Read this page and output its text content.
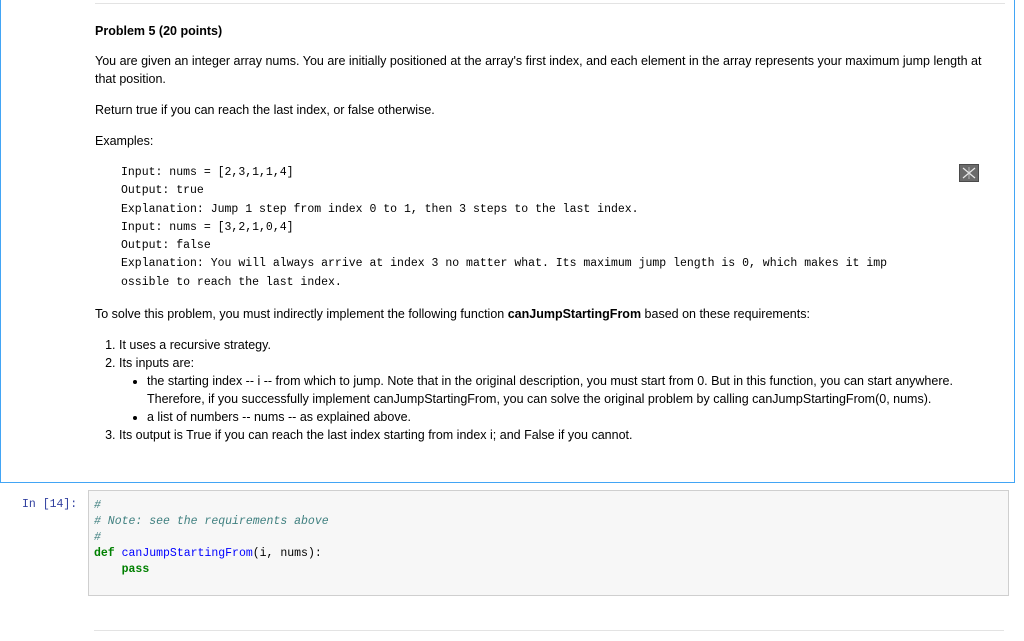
Problem 5 (20 points)

You are given an integer array nums. You are initially positioned at the array's first index, and each element in the array represents your maximum jump length at that position.

Return true if you can reach the last index, or false otherwise.

Examples:

Input: nums = [2,3,1,1,4]
Output: true
Explanation: Jump 1 step from index 0 to 1, then 3 steps to the last index.

Input: nums = [3,2,1,0,4]
Output: false
Explanation: You will always arrive at index 3 no matter what. Its maximum jump length is 0, which makes it imp
ossible to reach the last index.

To solve this problem, you must indirectly implement the following function canJumpStartingFrom based on these requirements:

1. It uses a recursive strategy.
2. Its inputs are:
• the starting index -- i -- from which to jump. Note that in the original description, you must start from 0. But in this function, you can start anywhere. Therefore, if you successfully implement canJumpStartingFrom, you can solve the original problem by calling canJumpStartingFrom(0, nums).
• a list of numbers -- nums -- as explained above.
3. Its output is True if you can reach the last index starting from index i; and False if you cannot.
In [14]: #
# Note: see the requirements above
#
def canJumpStartingFrom(i, nums):
pass
